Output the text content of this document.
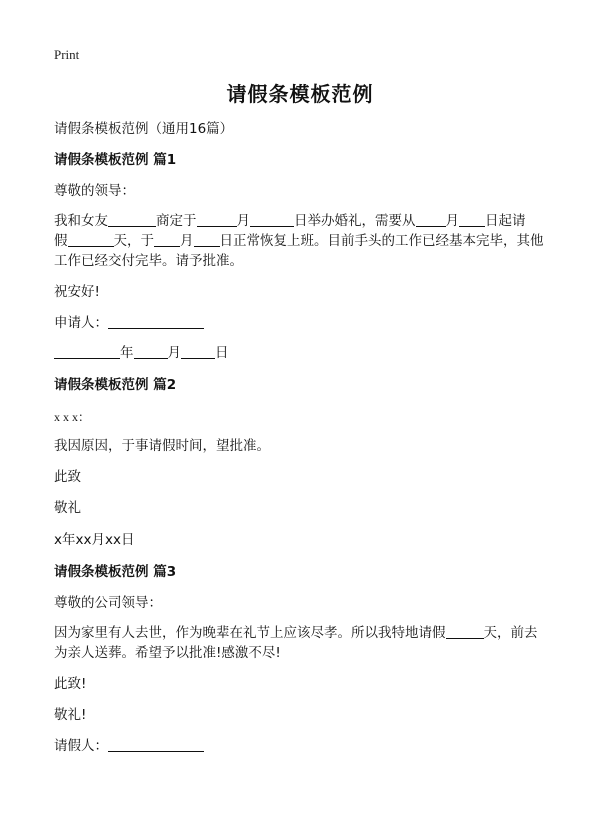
Print
请假条模板范例
请假条模板范例（通用16篇）
请假条模板范例 篇1
尊敬的领导：
我和女友	商定于	月	日举办婚礼，需要从 月 日起请
假	天，于 月 日正常恢复上班。目前手头的工作已经基本完毕，其他工作已经交付完毕。请予批准。
祝安好!
申请人：
年	月	日
请假条模板范例 篇2
x x x：
我因原因，于事请假时间，望批准。
此致
敬礼
x年xx月xx日
请假条模板范例 篇3
尊敬的公司领导：
因为家里有人去世，作为晚辈在礼节上应该尽孝。所以我特地请假	天，前去为亲人送葬。希望予以批准!感激不尽!
此致!
敬礼!
请假人：
